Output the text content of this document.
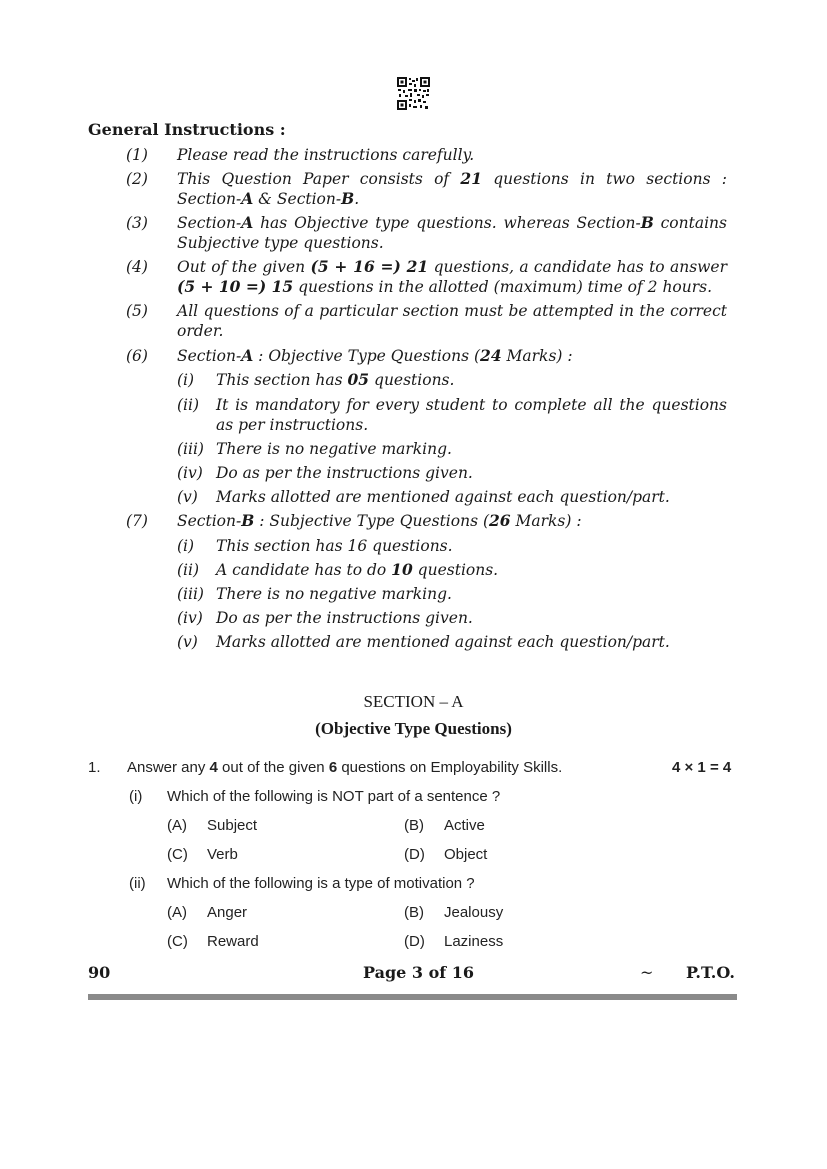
General Instructions :
(1) Please read the instructions carefully.
(2) This Question Paper consists of 21 questions in two sections : Section-A & Section-B.
(3) Section-A has Objective type questions. whereas Section-B contains Subjective type questions.
(4) Out of the given (5 + 16 =) 21 questions, a candidate has to answer (5 + 10 =) 15 questions in the allotted (maximum) time of 2 hours.
(5) All questions of a particular section must be attempted in the correct order.
(6) Section-A : Objective Type Questions (24 Marks) :
(7) Section-B : Subjective Type Questions (26 Marks) :
(i) This section has 05 questions.
(ii) It is mandatory for every student to complete all the questions as per instructions.
(iii) There is no negative marking.
(iv) Do as per the instructions given.
(v) Marks allotted are mentioned against each question/part.
(i) This section has 16 questions.
(ii) A candidate has to do 10 questions.
(iii) There is no negative marking.
(iv) Do as per the instructions given.
(v) Marks allotted are mentioned against each question/part.
SECTION – A
(Objective Type Questions)
1. Answer any 4 out of the given 6 questions on Employability Skills.	4 × 1 = 4
(i) Which of the following is NOT part of a sentence ?
(A) Subject	(B) Active
(C) Verb	(D) Object
(ii) Which of the following is a type of motivation ?
(A) Anger	(B) Jealousy
(C) Reward	(D) Laziness
90	Page 3 of 16	~ P.T.O.
